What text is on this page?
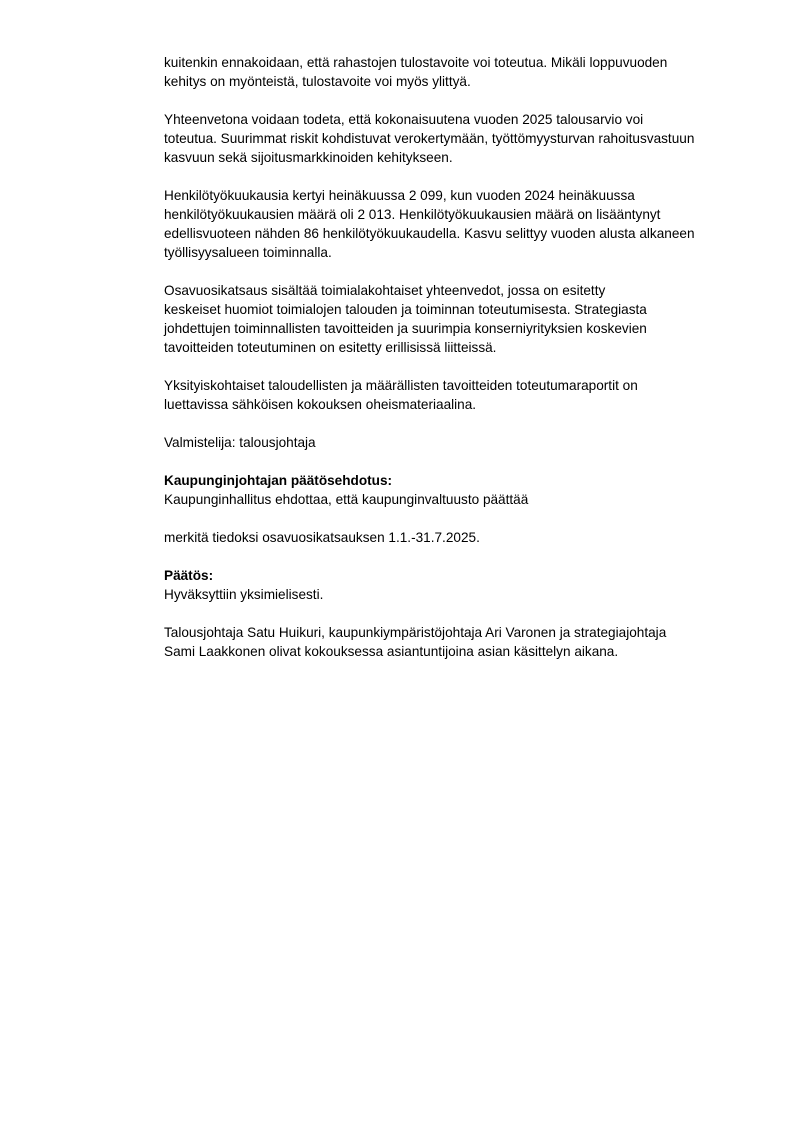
kuitenkin ennakoidaan, että rahastojen tulostavoite voi toteutua. Mikäli loppuvuoden
kehitys on myönteistä, tulostavoite voi myös ylittyä.

Yhteenvetona voidaan todeta, että kokonaisuutena vuoden 2025 talousarvio voi
toteutua. Suurimmat riskit kohdistuvat verokertymään, työttömyysturvan rahoitusvastuun
kasvuun sekä sijoitusmarkkinoiden kehitykseen.

Henkilötyökuukausia kertyi heinäkuussa 2 099, kun vuoden 2024 heinäkuussa
henkilötyökuukausien määrä oli 2 013. Henkilötyökuukausien määrä on lisääntynyt
edellisvuoteen nähden 86 henkilötyökuukaudella. Kasvu selittyy vuoden alusta alkaneen
työllisyysalueen toiminnalla.

Osavuosikatsaus sisältää toimialakohtaiset yhteenvedot, jossa on esitetty
keskeiset huomiot toimialojen talouden ja toiminnan toteutumisesta. Strategiasta
johdettujen toiminnallisten tavoitteiden ja suurimpia konserniyrityksien koskevien
tavoitteiden toteutuminen on esitetty erillisissä liitteissä.

Yksityiskohtaiset taloudellisten ja määrällisten tavoitteiden toteutumaraportit on
luettavissa sähköisen kokouksen oheismateriaalina.

Valmistelija: talousjohtaja

Kaupunginjohtajan päätösehdotus:
Kaupunginhallitus ehdottaa, että kaupunginvaltuusto päättää

merkitä tiedoksi osavuosikatsauksen 1.1.-31.7.2025.

Päätös:
Hyväksyttiin yksimielisesti.

Talousjohtaja Satu Huikuri, kaupunkiympäristöjohtaja Ari Varonen ja strategiajohtaja
Sami Laakkonen olivat kokouksessa asiantuntijoina asian käsittelyn aikana.
